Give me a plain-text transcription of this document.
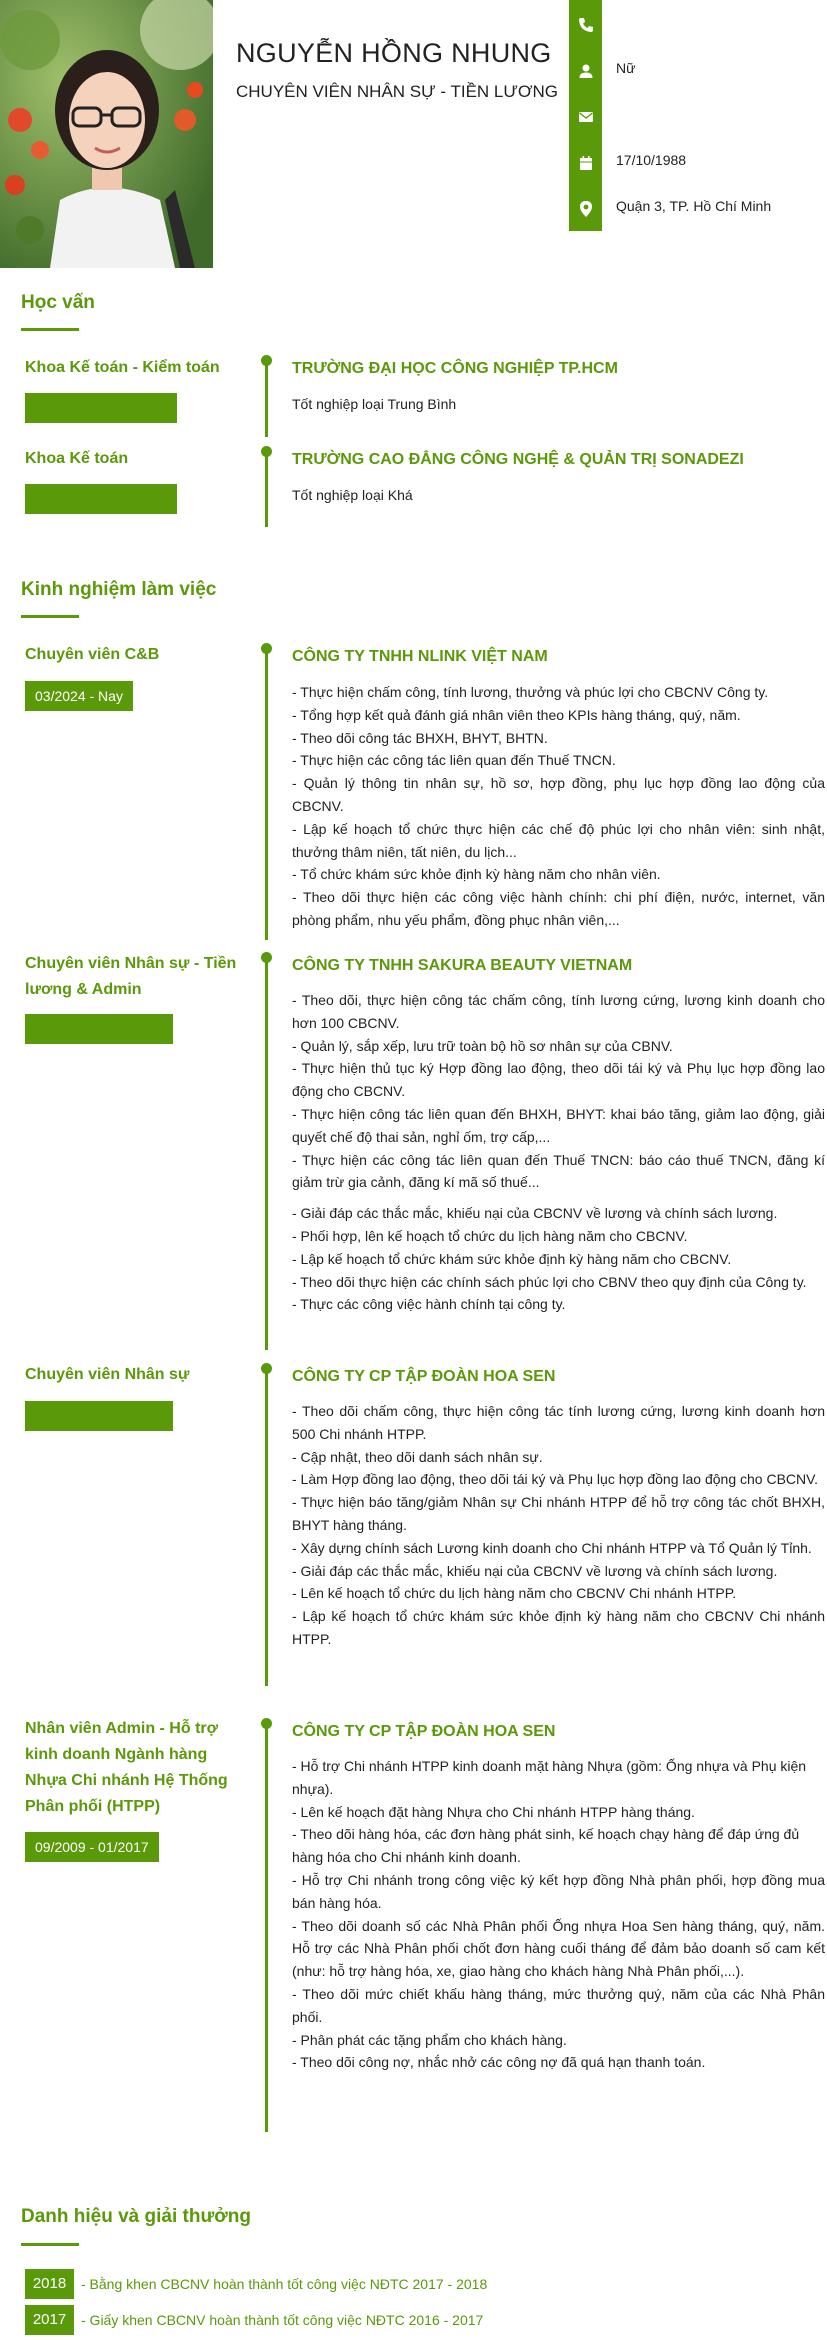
NGUYỄN HỒNG NHUNG
CHUYÊN VIÊN NHÂN SỰ - TIỀN LƯƠNG
Nữ
17/10/1988
Quận 3, TP. Hồ Chí Minh
Học vấn
Khoa Kế toán - Kiểm toán	TRƯỜNG ĐẠI HỌC CÔNG NGHIỆP TP.HCM
Tốt nghiệp loại Trung Bình
Khoa Kế toán	TRƯỜNG CAO ĐẲNG CÔNG NGHỆ & QUẢN TRỊ SONADEZI
Tốt nghiệp loại Khá
Kinh nghiệm làm việc
Chuyên viên C&B
03/2024 - Nay
CÔNG TY TNHH NLINK VIỆT NAM
- Thực hiện chấm công, tính lương, thưởng và phúc lợi cho CBCNV Công ty.
- Tổng hợp kết quả đánh giá nhân viên theo KPIs hàng tháng, quý, năm.
- Theo dõi công tác BHXH, BHYT, BHTN.
- Thực hiện các công tác liên quan đến Thuế TNCN.
- Quản lý thông tin nhân sự, hồ sơ, hợp đồng, phụ lục hợp đồng lao động của CBCNV.
- Lập kế hoạch tổ chức thực hiện các chế độ phúc lợi cho nhân viên: sinh nhật, thưởng thâm niên, tất niên, du lịch...
- Tổ chức khám sức khỏe định kỳ hàng năm cho nhân viên.
- Theo dõi thực hiện các công việc hành chính: chi phí điện, nước, internet, văn phòng phẩm, nhu yếu phẩm, đồng phục nhân viên,...
Chuyên viên Nhân sự - Tiền lương & Admin
CÔNG TY TNHH SAKURA BEAUTY VIETNAM
- Theo dõi, thực hiện công tác chấm công, tính lương cứng, lương kinh doanh cho hơn 100 CBCNV.
- Quản lý, sắp xếp, lưu trữ toàn bộ hồ sơ nhân sự của CBNV.
- Thực hiện thủ tục ký Hợp đồng lao động, theo dõi tái ký và Phụ lục hợp đồng lao động cho CBCNV.
- Thực hiện công tác liên quan đến BHXH, BHYT: khai báo tăng, giảm lao động, giải quyết chế độ thai sản, nghỉ ốm, trợ cấp,...
- Thực hiện các công tác liên quan đến Thuế TNCN: báo cáo thuế TNCN, đăng kí giảm trừ gia cảnh, đăng kí mã số thuế...
- Giải đáp các thắc mắc, khiếu nại của CBCNV về lương và chính sách lương.
- Phối hợp, lên kế hoạch tổ chức du lịch hàng năm cho CBCNV.
- Lập kế hoạch tổ chức khám sức khỏe định kỳ hàng năm cho CBCNV.
- Theo dõi thực hiện các chính sách phúc lợi cho CBNV theo quy định của Công ty.
- Thực các công việc hành chính tại công ty.
Chuyên viên Nhân sự	CÔNG TY CP TẬP ĐOÀN HOA SEN
- Theo dõi chấm công, thực hiện công tác tính lương cứng, lương kinh doanh hơn 500 Chi nhánh HTPP.
- Cập nhật, theo dõi danh sách nhân sự.
- Làm Hợp đồng lao động, theo dõi tái ký và Phụ lục hợp đồng lao động cho CBCNV.
- Thực hiện báo tăng/giảm Nhân sự Chi nhánh HTPP để hỗ trợ công tác chốt BHXH, BHYT hàng tháng.
- Xây dựng chính sách Lương kinh doanh cho Chi nhánh HTPP và Tổ Quản lý Tỉnh.
- Giải đáp các thắc mắc, khiếu nại của CBCNV về lương và chính sách lương.
- Lên kế hoạch tổ chức du lịch hàng năm cho CBCNV Chi nhánh HTPP.
- Lập kế hoạch tổ chức khám sức khỏe định kỳ hàng năm cho CBCNV Chi nhánh HTPP.
Nhân viên Admin - Hỗ trợ kinh doanh Ngành hàng Nhựa Chi nhánh Hệ Thống Phân phối (HTPP)
09/2009 - 01/2017
CÔNG TY CP TẬP ĐOÀN HOA SEN
- Hỗ trợ Chi nhánh HTPP kinh doanh mặt hàng Nhựa (gồm: Ống nhựa và Phụ kiện
nhựa).
- Lên kế hoạch đặt hàng Nhựa cho Chi nhánh HTPP hàng tháng.
- Theo dõi hàng hóa, các đơn hàng phát sinh, kế hoạch chạy hàng để đáp ứng đủ
hàng hóa cho Chi nhánh kinh doanh.
- Hỗ trợ Chi nhánh trong công việc ký kết hợp đồng Nhà phân phối, hợp đồng mua bán hàng hóa.
- Theo dõi doanh số các Nhà Phân phối Ống nhựa Hoa Sen hàng tháng, quý, năm. Hỗ trợ các Nhà Phân phối chốt đơn hàng cuối tháng để đảm bảo doanh số cam kết (như: hỗ trợ hàng hóa, xe, giao hàng cho khách hàng Nhà Phân phối,...).
- Theo dõi mức chiết khấu hàng tháng, mức thưởng quý, năm của các Nhà Phân phối.
- Phân phát các tặng phẩm cho khách hàng.
- Theo dõi công nợ, nhắc nhở các công nợ đã quá hạn thanh toán.
Danh hiệu và giải thưởng
2018	- Bằng khen CBCNV hoàn thành tốt công việc NĐTC 2017 - 2018
2017	- Giấy khen CBCNV hoàn thành tốt công việc NĐTC 2016 - 2017
